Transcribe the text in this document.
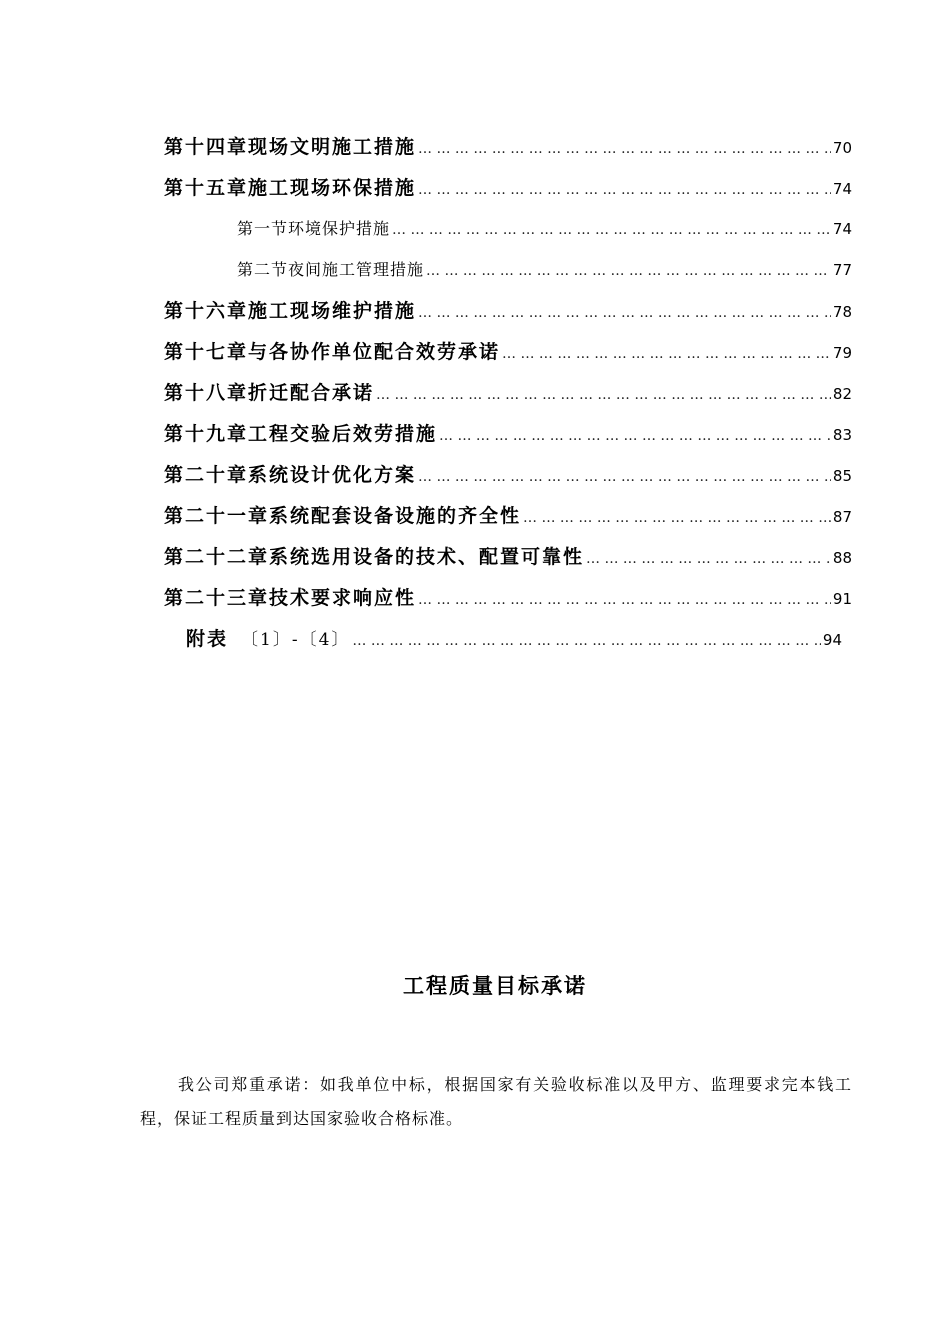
第十四章 现场文明施工措施 … … … … … … … … … … … … … … … … … … … … … … … … … … … … … … … … … … … … … … … … … … … … … … … … … … …	70
第十五章 施工现场环保措施 … … … … … … … … … … … … … … … … … … … … … … … … … … … … … … … … … … … … … … … … … … … … … … … … … … …	74
第一节 环境保护措施 … … … … … … … … … … … … … … … … … … … … … … … … … … … … … … … … … … … … … … … … … … … … … … … … … … …	74
第二节 夜间施工管理措施 … … … … … … … … … … … … … … … … … … … … … … … … … … … … … … … … … … … … … … … … … … … … … … … … … … …	77
第十六章 施工现场维护措施 … … … … … … … … … … … … … … … … … … … … … … … … … … … … … … … … … … … … … … … … … … … … … … … … … … …	78
第十七章 与各协作单位配合效劳承诺 … … … … … … … … … … … … … … … … … … … … … … … … … … … … … … … … … … … … … … … … … … … … … … … … … … …	79
第十八章 折迁配合承诺 … … … … … … … … … … … … … … … … … … … … … … … … … … … … … … … … … … … … … … … … … … … … … … … … … … …	82
第十九章 工程交验后效劳措施 … … … … … … … … … … … … … … … … … … … … … … … … … … … … … … … … … … … … … … … … … … … … … … … … … … …	83
第二十章 系统设计优化方案 … … … … … … … … … … … … … … … … … … … … … … … … … … … … … … … … … … … … … … … … … … … … … … … … … … …	85
第二十一章 系统配套设备设施的齐全性 … … … … … … … … … … … … … … … … … … … … … … … … … … … … … … … … … … … … … … … … … … … … … … … … … … …	87
第二十二章 系统选用设备的技术、配置可靠性 … … … … … … … … … … … … … … … … … … … … … … … … … … … … … … … … … … … … … … … … … … … … … … … … … … …	88
第二十三章 技术要求响应性 … … … … … … … … … … … … … … … … … … … … … … … … … … … … … … … … … … … … … … … … … … … … … … … … … … …	91
附表 〔1〕-〔4〕 … … … … … … … … … … … … … … … … … … … … … … … … … … … … … … … … … … … … … … … … … … … … … … … … … … …	94
工程质量目标承诺

我公司郑重承诺：如我单位中标，根据国家有关验收标准以及甲方、监理要求完本钱工程，保证工程质量到达国家验收合格标准。
